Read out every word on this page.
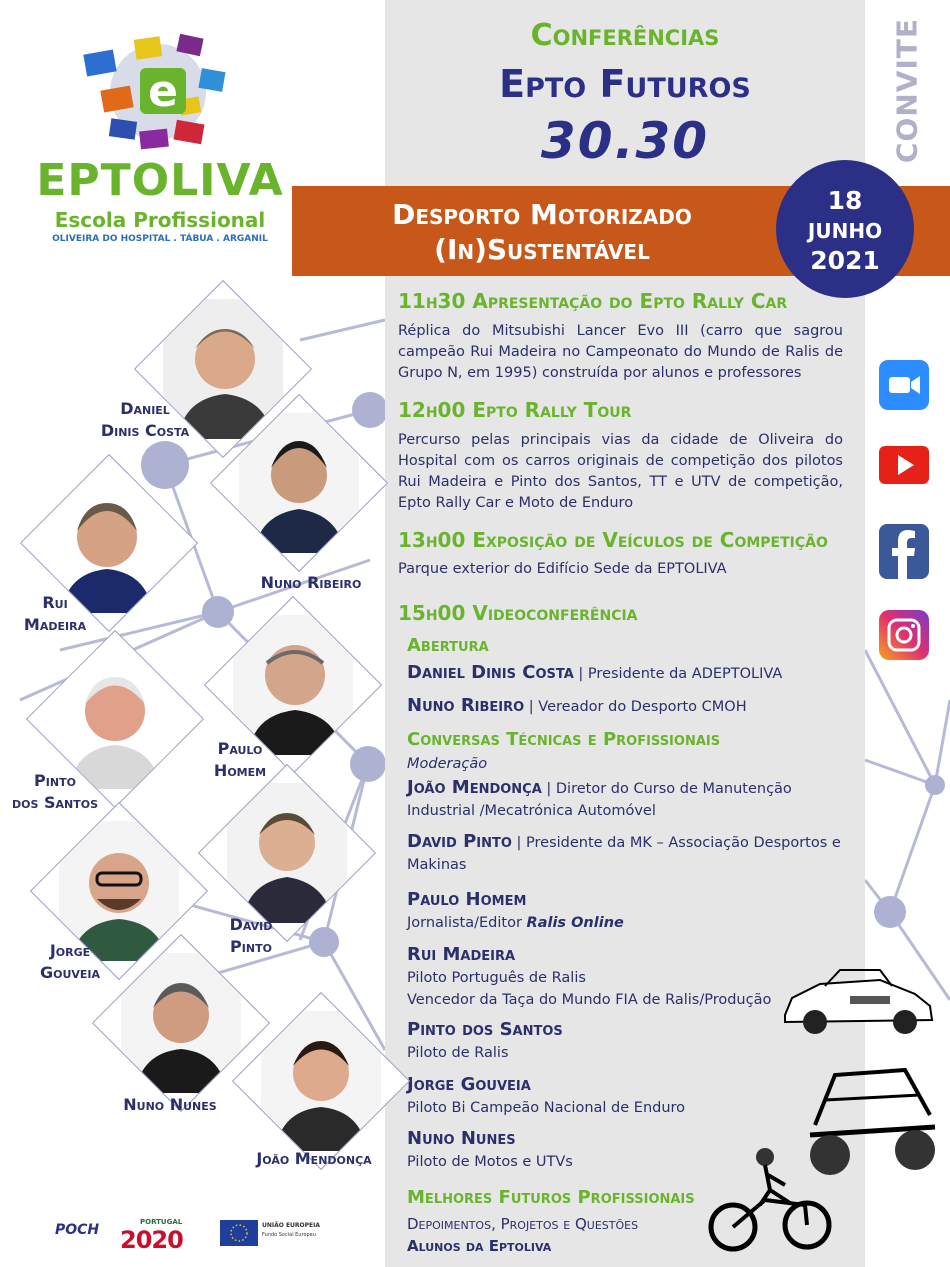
e
EPTOLIVA
Escola Profissional
OLIVEIRA DO HOSPITAL . TÁBUA . ARGANIL
Conferências
Epto Futuros
30.30	CONVITE
Desporto Motorizado
(In)Sustentável
18
JUNHO
2021
11h30 Apresentação do Epto Rally Car
Réplica do Mitsubishi Lancer Evo III (carro que sagrou campeão Rui Madeira no Campeonato do Mundo de Ralis de Grupo N, em 1995) construída por alunos e professores
12h00 Epto Rally Tour
Percurso pelas principais vias da cidade de Oliveira do Hospital com os carros originais de competição dos pilotos Rui Madeira e Pinto dos Santos, TT e UTV de competição, Epto Rally Car e Moto de Enduro
13h00 Exposição de Veículos de Competição
Parque exterior do Edifício Sede da EPTOLIVA
15h00 Videoconferência
Abertura
Daniel Dinis Costa | Presidente da ADEPTOLIVA
Nuno Ribeiro | Vereador do Desporto CMOH
Conversas Técnicas e Profissionais
Moderação
João Mendonça | Diretor do Curso de Manutenção Industrial /Mecatrónica Automóvel
David Pinto | Presidente da MK – Associação Desportos e Makinas
Paulo Homem
Jornalista/Editor Ralis Online
Rui Madeira
Piloto Português de Ralis
Vencedor da Taça do Mundo FIA de Ralis/Produção
Pinto dos Santos
Piloto de Ralis
Jorge Gouveia
Piloto Bi Campeão Nacional de Enduro
Nuno Nunes
Piloto de Motos e UTVs
Melhores Futuros Profissionais
Depoimentos, Projetos e Questões
Alunos da Eptoliva
Daniel
Dinis Costa
Nuno Ribeiro
Rui
Madeira
Paulo
Homem
Pinto
dos Santos
David
Pinto
Jorge
Gouveia
Nuno Nunes
João Mendonça
POCH	PORTUGAL
2020
UNIÃO EUROPEIA
Fundo Social Europeu
